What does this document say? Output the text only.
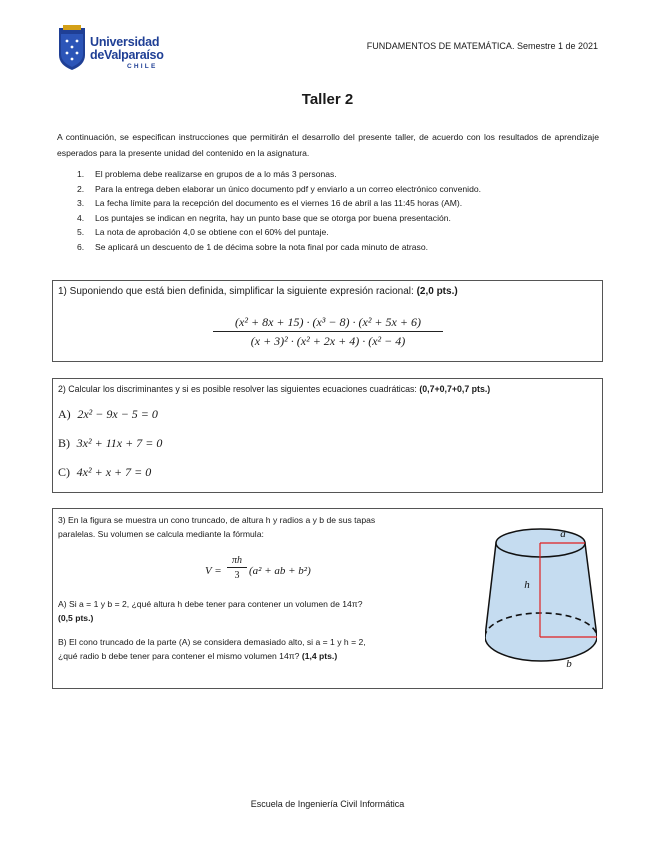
Universidad
deValparaíso
CHILE
FUNDAMENTOS DE MATEMÁTICA. Semestre 1 de 2021
Taller 2
A continuación, se especifican instrucciones que permitirán el desarrollo del presente taller, de acuerdo con los resultados de aprendizaje esperados para la presente unidad del contenido en la asignatura.
1. El problema debe realizarse en grupos de a lo más 3 personas.
2. Para la entrega deben elaborar un único documento pdf y enviarlo a un correo electrónico convenido.
3. La fecha límite para la recepción del documento es el viernes 16 de abril a las 11:45 horas (AM).
4. Los puntajes se indican en negrita, hay un punto base que se otorga por buena presentación.
5. La nota de aprobación 4,0 se obtiene con el 60% del puntaje.
6. Se aplicará un descuento de 1 de décima sobre la nota final por cada minuto de atraso.
1) Suponiendo que está bien definida, simplificar la siguiente expresión racional: (2,0 pts.)
$\frac{\text{(x² + 8x + 15) · (x³ − 8) · (x² + 5x + 6)}}{\text{(x + 3)² · (x² + 2x + 4) · (x² − 4)}}$
2) Calcular los discriminantes y si es posible resolver las siguientes ecuaciones cuadráticas: (0,7+0,7+0,7 pts.)
A) 2x² − 9x − 5 = 0
B) 3x² + 11x + 7 = 0
C) 4x² + x + 7 = 0
3) En la figura se muestra un cono truncado, de altura h y radios a y b de sus tapas
paralelas. Su volumen se calcula mediante la fórmula:
$V = \frac{\pi h}{3} (a^2$ + ab + b²)
A) Si a = 1 y b = 2, ¿qué altura h debe tener para contener un volumen de 14π?
(0,5 pts.)
B) El cono truncado de la parte (A) se considera demasiado alto, si a = 1 y h = 2,
¿qué radio b debe tener para contener el mismo volumen 14π? (1,4 pts.)
a
h
b
Escuela de Ingeniería Civil Informática
